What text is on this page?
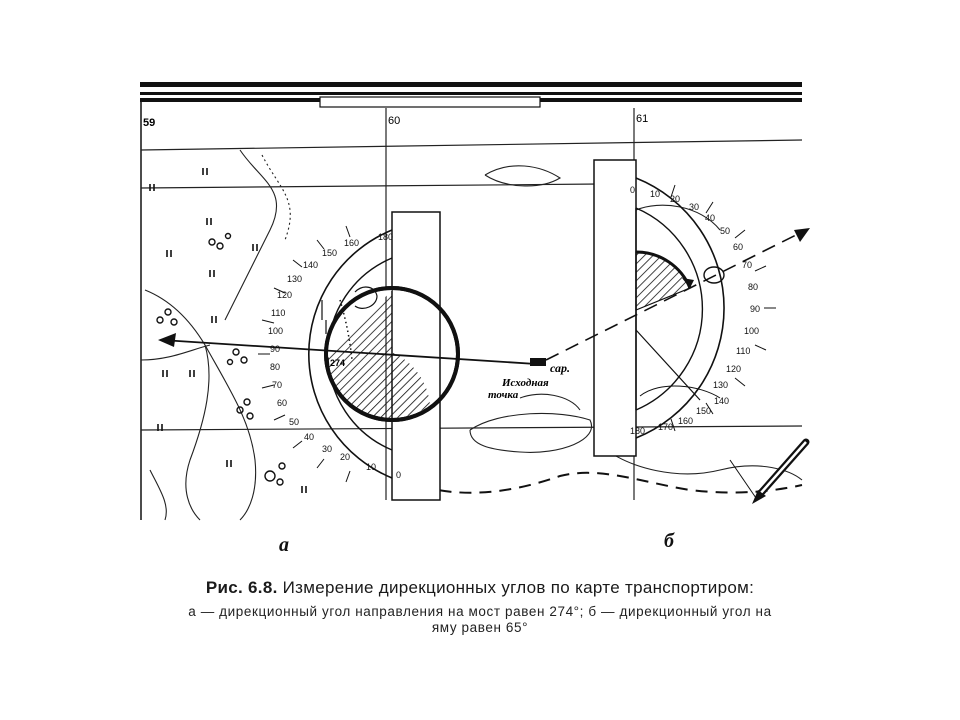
59	60	61
0
10
20
30
40
50
60
70
80
90
100
110
120
130
140
150
160
180
274	сар.
Исходная
точка
0 10 20
30
40
50
60
70
80
90
100
110
120
130
140
150
160
170
180
а	б
Рис. 6.8. Измерение дирекционных углов по карте транспортиром:
а — дирекционный угол направления на мост равен 274°; б — дирекционный угол на
яму равен 65°
